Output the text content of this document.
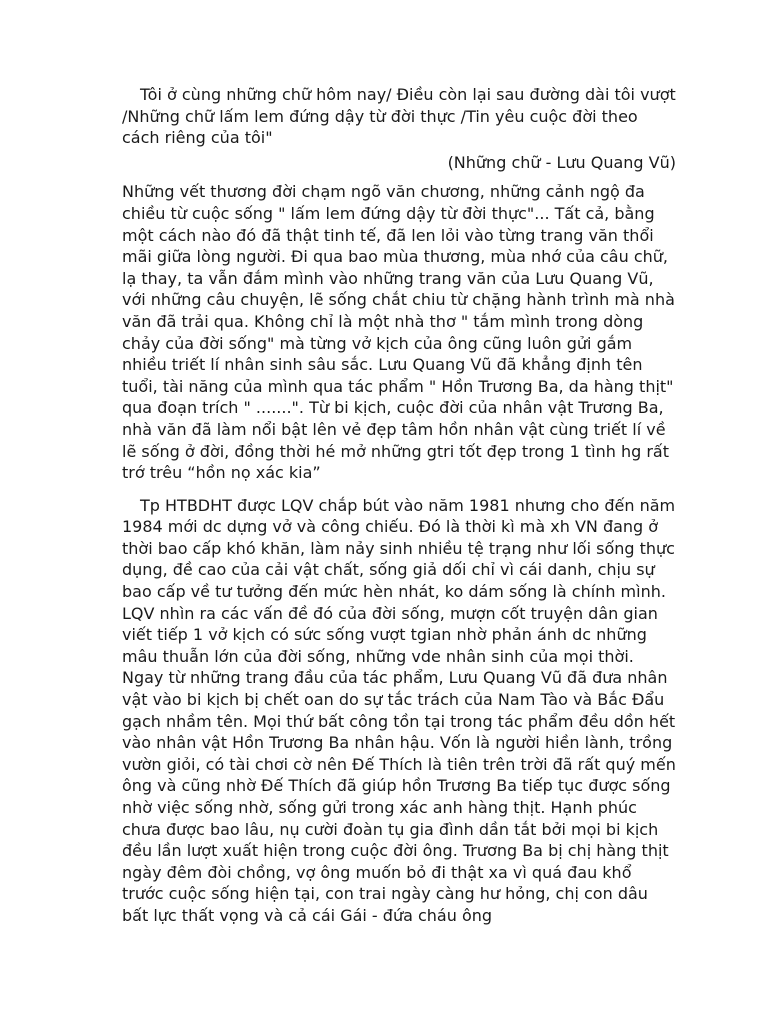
Tôi ở cùng những chữ hôm nay/ Điều còn lại sau đường dài tôi vượt /Những chữ lấm lem đứng dậy từ đời thực /Tin yêu cuộc đời theo cách riêng của tôi"

(Những chữ - Lưu Quang Vũ)

Những vết thương đời chạm ngõ văn chương, những cảnh ngộ đa chiều từ cuộc sống " lấm lem đứng dậy từ đời thực"... Tất cả, bằng một cách nào đó đã thật tinh tế, đã len lỏi vào từng trang văn thổi mãi giữa lòng người. Đi qua bao mùa thương, mùa nhớ của câu chữ, lạ thay, ta vẫn đắm mình vào những trang văn của Lưu Quang Vũ, với những câu chuyện, lẽ sống chắt chiu từ chặng hành trình mà nhà văn đã trải qua. Không chỉ là một nhà thơ " tắm mình trong dòng chảy của đời sống" mà từng vở kịch của ông cũng luôn gửi gắm nhiều triết lí nhân sinh sâu sắc. Lưu Quang Vũ đã khẳng định tên tuổi, tài năng của mình qua tác phẩm " Hồn Trương Ba, da hàng thịt" qua đoạn trích " .......". Từ bi kịch, cuộc đời của nhân vật Trương Ba, nhà văn đã làm nổi bật lên vẻ đẹp tâm hồn nhân vật cùng triết lí về lẽ sống ở đời, đồng thời hé mở những gtri tốt đẹp trong 1 tình hg rất trớ trêu “hồn nọ xác kia”

Tp HTBDHT được LQV chắp bút vào năm 1981 nhưng cho đến năm 1984 mới dc dựng vở và công chiếu. Đó là thời kì mà xh VN đang ở thời bao cấp khó khăn, làm nảy sinh nhiều tệ trạng như lối sống thực dụng, đề cao của cải vật chất, sống giả dối chỉ vì cái danh, chịu sự bao cấp về tư tưởng đến mức hèn nhát, ko dám sống là chính mình. LQV nhìn ra các vấn đề đó của đời sống, mượn cốt truyện dân gian viết tiếp 1 vở kịch có sức sống vượt tgian nhờ phản ánh dc những mâu thuẫn lớn của đời sống, những vde nhân sinh của mọi thời. Ngay từ những trang đầu của tác phẩm, Lưu Quang Vũ đã đưa nhân vật vào bi kịch bị chết oan do sự tắc trách của Nam Tào và Bắc Đẩu gạch nhầm tên. Mọi thứ bất công tồn tại trong tác phẩm đều dồn hết vào nhân vật Hồn Trương Ba nhân hậu. Vốn là người hiền lành, trồng vườn giỏi, có tài chơi cờ nên Đế Thích là tiên trên trời đã rất quý mến ông và cũng nhờ Đế Thích đã giúp hồn Trương Ba tiếp tục được sống nhờ việc sống nhờ, sống gửi trong xác anh hàng thịt. Hạnh phúc chưa được bao lâu, nụ cười đoàn tụ gia đình dần tắt bởi mọi bi kịch đều lần lượt xuất hiện trong cuộc đời ông. Trương Ba bị chị hàng thịt ngày đêm đòi chồng, vợ ông muốn bỏ đi thật xa vì quá đau khổ trước cuộc sống hiện tại, con trai ngày càng hư hỏng, chị con dâu bất lực thất vọng và cả cái Gái - đứa cháu ông
